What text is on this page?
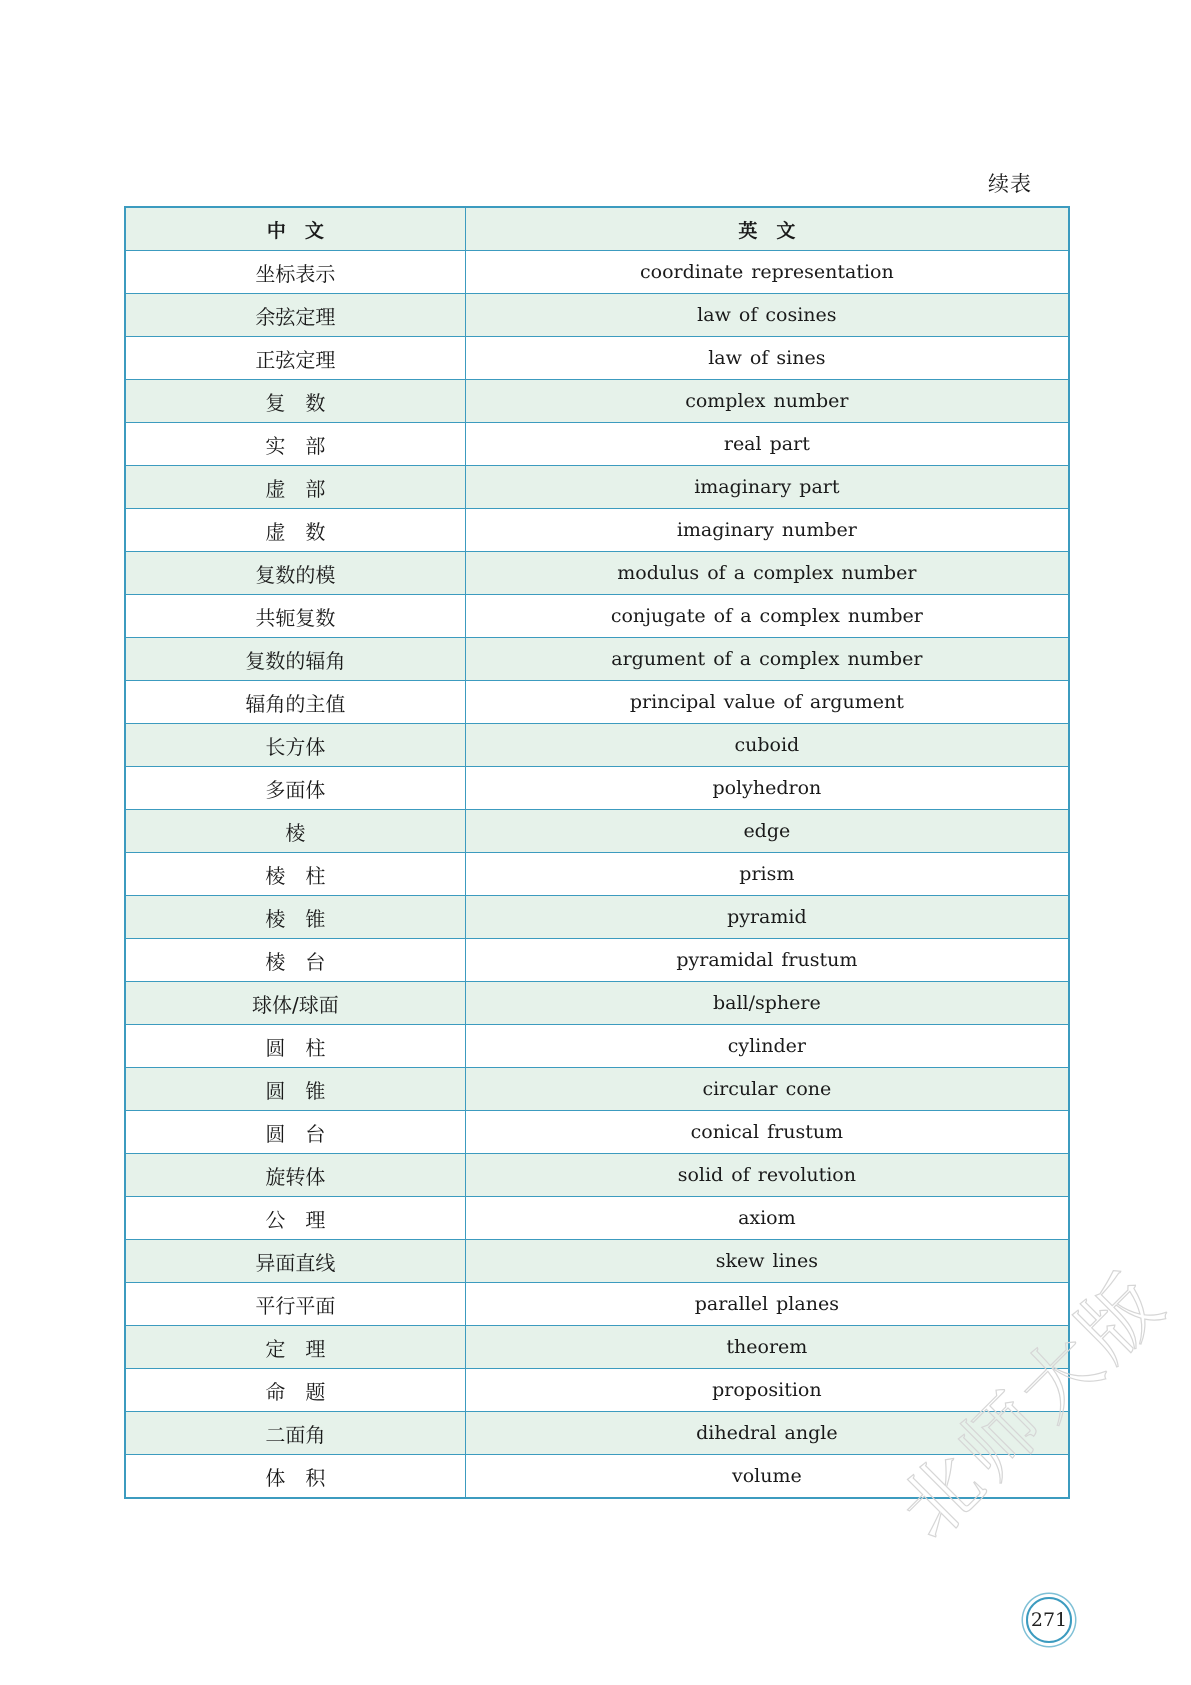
续表
中　文	英　文
坐标表示	coordinate representation
余弦定理	law of cosines
正弦定理	law of sines
复　数	complex number
实　部	real part
虚　部	imaginary part
虚　数	imaginary number
复数的模	modulus of a complex number
共轭复数	conjugate of a complex number
复数的辐角	argument of a complex number
辐角的主值	principal value of argument
长方体	cuboid
多面体	polyhedron
棱	edge
棱　柱	prism
棱　锥	pyramid
棱　台	pyramidal frustum
球体/球面	ball/sphere
圆　柱	cylinder
圆　锥	circular cone
圆　台	conical frustum
旋转体	solid of revolution
公　理	axiom
异面直线	skew lines
平行平面	parallel planes
定　理	theorem
命　题	proposition
二面角	dihedral angle
体　积	volume
271
